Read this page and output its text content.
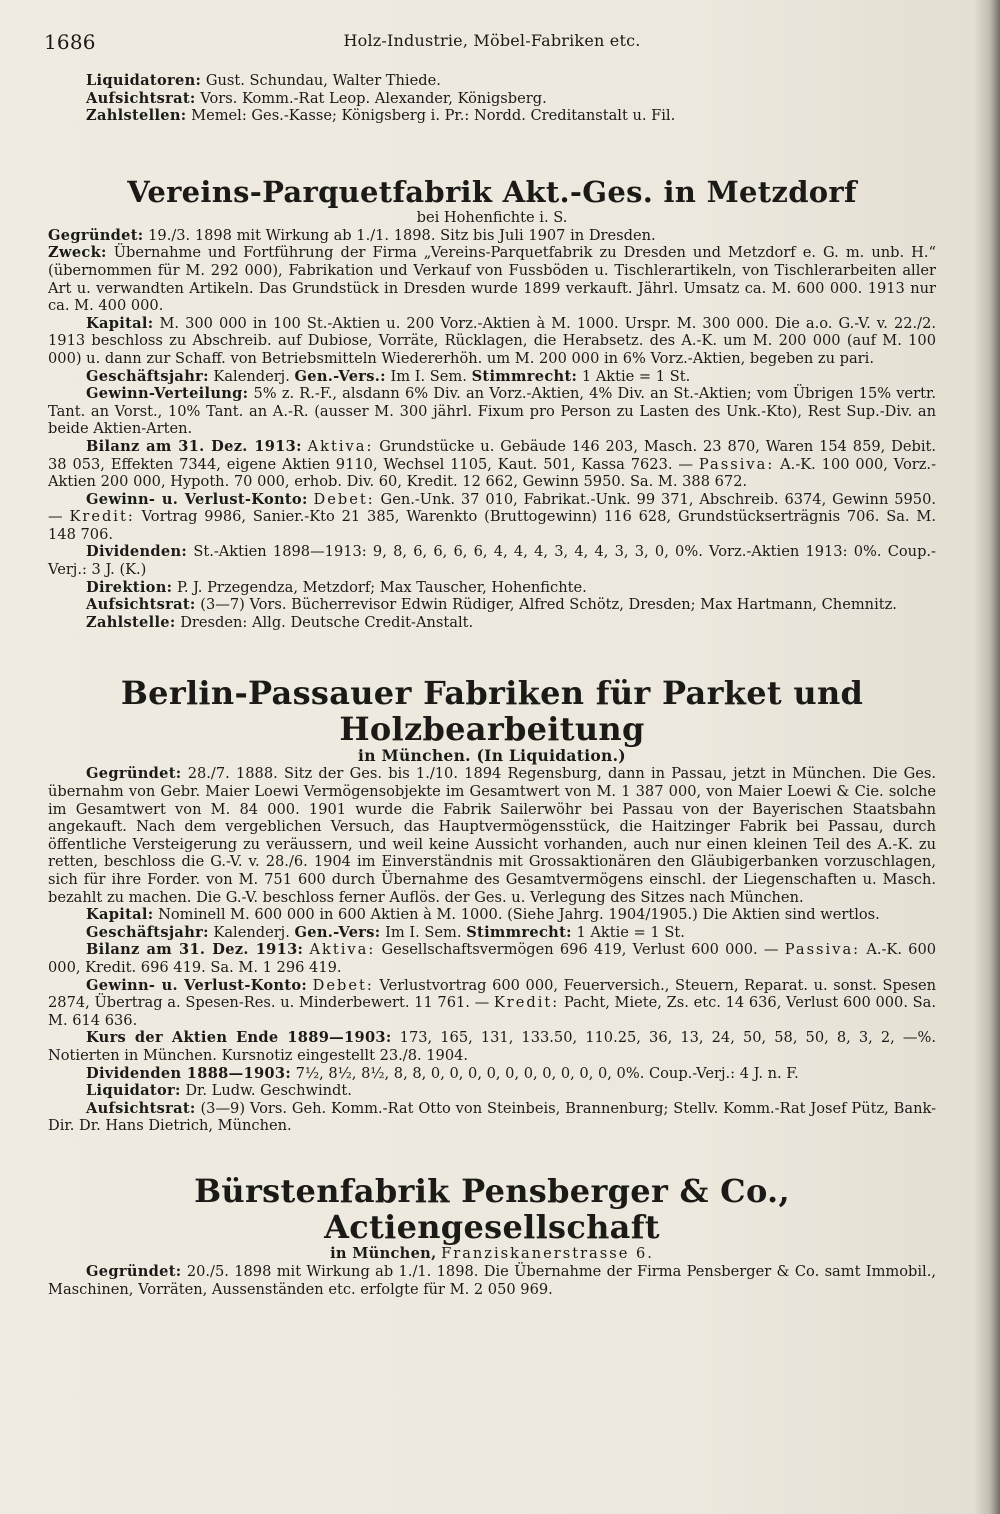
1686	Holz-Industrie, Möbel-Fabriken etc.

Liquidatoren: Gust. Schundau, Walter Thiede.

Aufsichtsrat: Vors. Komm.-Rat Leop. Alexander, Königsberg.

Zahlstellen: Memel: Ges.-Kasse; Königsberg i. Pr.: Nordd. Creditanstalt u. Fil.

Vereins-Parquetfabrik Akt.-Ges. in Metzdorf

bei Hohenfichte i. S.

Gegründet: 19./3. 1898 mit Wirkung ab 1./1. 1898. Sitz bis Juli 1907 in Dresden.

Zweck: Übernahme und Fortführung der Firma „Vereins-Parquetfabrik zu Dresden und Metzdorf e. G. m. unb. H.“ (übernommen für M. 292 000), Fabrikation und Verkauf von Fussböden u. Tischlerartikeln, von Tischlerarbeiten aller Art u. verwandten Artikeln. Das Grundstück in Dresden wurde 1899 verkauft. Jährl. Umsatz ca. M. 600 000. 1913 nur ca. M. 400 000.

Kapital: M. 300 000 in 100 St.-Aktien u. 200 Vorz.-Aktien à M. 1000. Urspr. M. 300 000. Die a.o. G.-V. v. 22./2. 1913 beschloss zu Abschreib. auf Dubiose, Vorräte, Rücklagen, die Herabsetz. des A.-K. um M. 200 000 (auf M. 100 000) u. dann zur Schaff. von Betriebsmitteln Wiedererhöh. um M. 200 000 in 6% Vorz.-Aktien, begeben zu pari.

Geschäftsjahr: Kalenderj. Gen.-Vers.: Im I. Sem. Stimmrecht: 1 Aktie = 1 St.

Gewinn-Verteilung: 5% z. R.-F., alsdann 6% Div. an Vorz.-Aktien, 4% Div. an St.-Aktien; vom Übrigen 15% vertr. Tant. an Vorst., 10% Tant. an A.-R. (ausser M. 300 jährl. Fixum pro Person zu Lasten des Unk.-Kto), Rest Sup.-Div. an beide Aktien-Arten.

Bilanz am 31. Dez. 1913: Aktiva: Grundstücke u. Gebäude 146 203, Masch. 23 870, Waren 154 859, Debit. 38 053, Effekten 7344, eigene Aktien 9110, Wechsel 1105, Kaut. 501, Kassa 7623. — Passiva: A.-K. 100 000, Vorz.-Aktien 200 000, Hypoth. 70 000, erhob. Div. 60, Kredit. 12 662, Gewinn 5950. Sa. M. 388 672.

Gewinn- u. Verlust-Konto: Debet: Gen.-Unk. 37 010, Fabrikat.-Unk. 99 371, Abschreib. 6374, Gewinn 5950. — Kredit: Vortrag 9986, Sanier.-Kto 21 385, Warenkto (Bruttogewinn) 116 628, Grundstückserträgnis 706. Sa. M. 148 706.

Dividenden: St.-Aktien 1898—1913: 9, 8, 6, 6, 6, 6, 4, 4, 4, 3, 4, 4, 3, 3, 0, 0%. Vorz.-Aktien 1913: 0%. Coup.-Verj.: 3 J. (K.)

Direktion: P. J. Przegendza, Metzdorf; Max Tauscher, Hohenfichte.

Aufsichtsrat: (3—7) Vors. Bücherrevisor Edwin Rüdiger, Alfred Schötz, Dresden; Max Hartmann, Chemnitz.

Zahlstelle: Dresden: Allg. Deutsche Credit-Anstalt.

Berlin-Passauer Fabriken für Parket und Holzbearbeitung

in München. (In Liquidation.)

Gegründet: 28./7. 1888. Sitz der Ges. bis 1./10. 1894 Regensburg, dann in Passau, jetzt in München. Die Ges. übernahm von Gebr. Maier Loewi Vermögensobjekte im Gesamtwert von M. 1 387 000, von Maier Loewi & Cie. solche im Gesamtwert von M. 84 000. 1901 wurde die Fabrik Sailerwöhr bei Passau von der Bayerischen Staatsbahn angekauft. Nach dem vergeblichen Versuch, das Hauptvermögensstück, die Haitzinger Fabrik bei Passau, durch öffentliche Versteigerung zu veräussern, und weil keine Aussicht vorhanden, auch nur einen kleinen Teil des A.-K. zu retten, beschloss die G.-V. v. 28./6. 1904 im Einverständnis mit Grossaktionären den Gläubigerbanken vorzuschlagen, sich für ihre Forder. von M. 751 600 durch Übernahme des Gesamtvermögens einschl. der Liegenschaften u. Masch. bezahlt zu machen. Die G.-V. beschloss ferner Auflös. der Ges. u. Verlegung des Sitzes nach München.

Kapital: Nominell M. 600 000 in 600 Aktien à M. 1000. (Siehe Jahrg. 1904/1905.) Die Aktien sind wertlos.

Geschäftsjahr: Kalenderj. Gen.-Vers: Im I. Sem. Stimmrecht: 1 Aktie = 1 St.

Bilanz am 31. Dez. 1913: Aktiva: Gesellschaftsvermögen 696 419, Verlust 600 000. — Passiva: A.-K. 600 000, Kredit. 696 419. Sa. M. 1 296 419.

Gewinn- u. Verlust-Konto: Debet: Verlustvortrag 600 000, Feuerversich., Steuern, Reparat. u. sonst. Spesen 2874, Übertrag a. Spesen-Res. u. Minderbewert. 11 761. — Kredit: Pacht, Miete, Zs. etc. 14 636, Verlust 600 000. Sa. M. 614 636.

Kurs der Aktien Ende 1889—1903: 173, 165, 131, 133.50, 110.25, 36, 13, 24, 50, 58, 50, 8, 3, 2, —%. Notierten in München. Kursnotiz eingestellt 23./8. 1904.

Dividenden 1888—1903: 7½, 8½, 8½, 8, 8, 0, 0, 0, 0, 0, 0, 0, 0, 0, 0, 0%. Coup.-Verj.: 4 J. n. F.

Liquidator: Dr. Ludw. Geschwindt.

Aufsichtsrat: (3—9) Vors. Geh. Komm.-Rat Otto von Steinbeis, Brannenburg; Stellv. Komm.-Rat Josef Pütz, Bank-Dir. Dr. Hans Dietrich, München.

Bürstenfabrik Pensberger & Co., Actiengesellschaft

in München, Franziskanerstrasse 6.

Gegründet: 20./5. 1898 mit Wirkung ab 1./1. 1898. Die Übernahme der Firma Pensberger & Co. samt Immobil., Maschinen, Vorräten, Aussenständen etc. erfolgte für M. 2 050 969.
